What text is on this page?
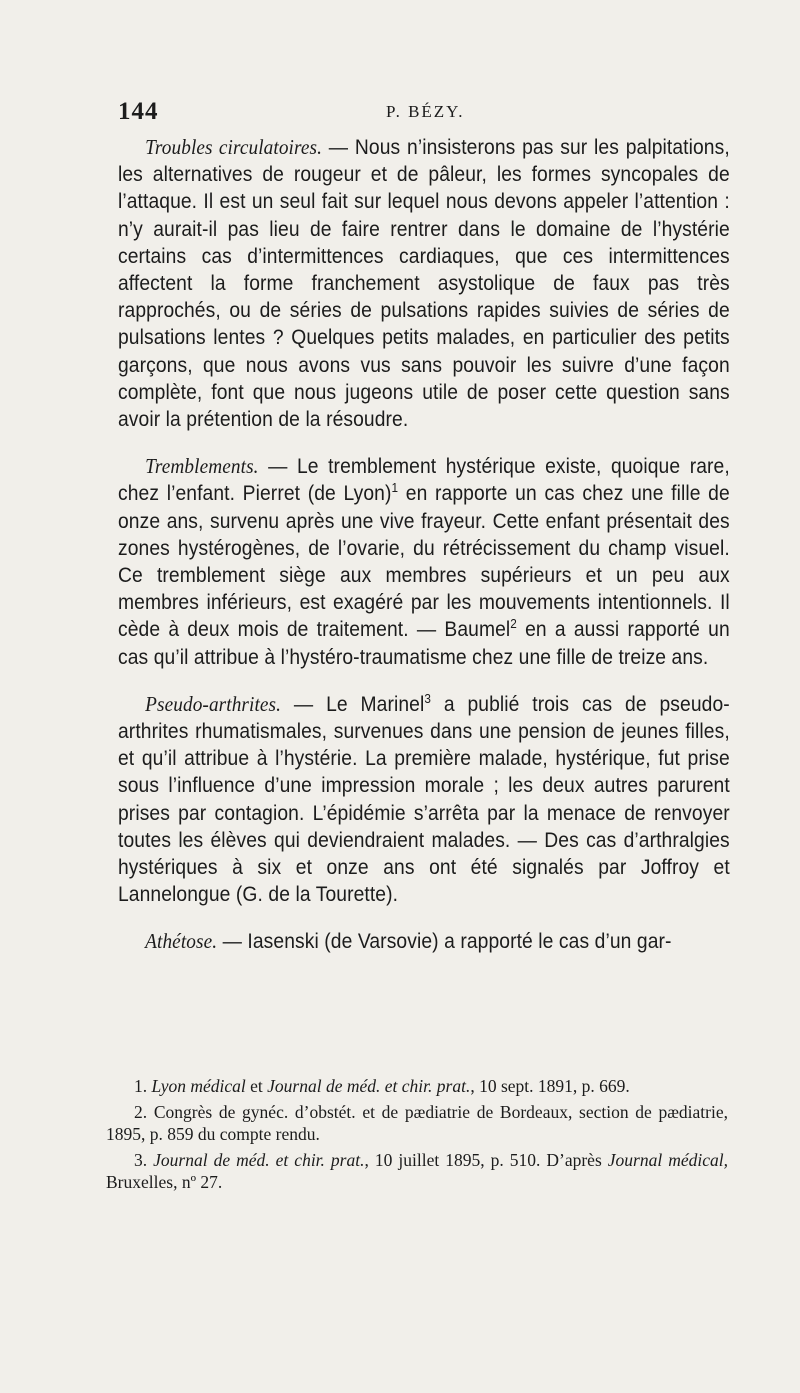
144	P. BÉZY.

Troubles circulatoires. — Nous n’insisterons pas sur les palpitations, les alternatives de rougeur et de pâleur, les formes syncopales de l’attaque. Il est un seul fait sur lequel nous devons appeler l’attention : n’y aurait-il pas lieu de faire rentrer dans le domaine de l’hystérie certains cas d’intermittences cardiaques, que ces intermittences affectent la forme franchement asystolique de faux pas très rapprochés, ou de séries de pulsations rapides suivies de séries de pulsations lentes ? Quelques petits malades, en particulier des petits garçons, que nous avons vus sans pouvoir les suivre d’une façon complète, font que nous jugeons utile de poser cette question sans avoir la prétention de la résoudre.

Tremblements. — Le tremblement hystérique existe, quoique rare, chez l’enfant. Pierret (de Lyon)$^1$ en rapporte un cas chez une fille de onze ans, survenu après une vive frayeur. Cette enfant présentait des zones hystérogènes, de l’ovarie, du rétrécissement du champ visuel. Ce tremblement siège aux membres supérieurs et un peu aux membres inférieurs, est exagéré par les mouvements intentionnels. Il cède à deux mois de traitement. — Baumel$^2$ en a aussi rapporté un cas qu’il attribue à l’hystéro-traumatisme chez une fille de treize ans.

Pseudo-arthrites. — Le Marinel$^3$ a publié trois cas de pseudo-arthrites rhumatismales, survenues dans une pension de jeunes filles, et qu’il attribue à l’hystérie. La première malade, hystérique, fut prise sous l’influence d’une impression morale ; les deux autres parurent prises par contagion. L’épidémie s’arrêta par la menace de renvoyer toutes les élèves qui deviendraient malades. — Des cas d’arthralgies hystériques à six et onze ans ont été signalés par Joffroy et Lannelongue (G. de la Tourette).

Athétose. — Iasenski (de Varsovie) a rapporté le cas d’un gar-

1. Lyon médical et Journal de méd. et chir. prat., 10 sept. 1891, p. 669.

2. Congrès de gynéc. d’obstét. et de pædiatrie de Bordeaux, section de pædiatrie, 1895, p. 859 du compte rendu.

3. Journal de méd. et chir. prat., 10 juillet 1895, p. 510. D’après Journal médical, Bruxelles, nº 27.
